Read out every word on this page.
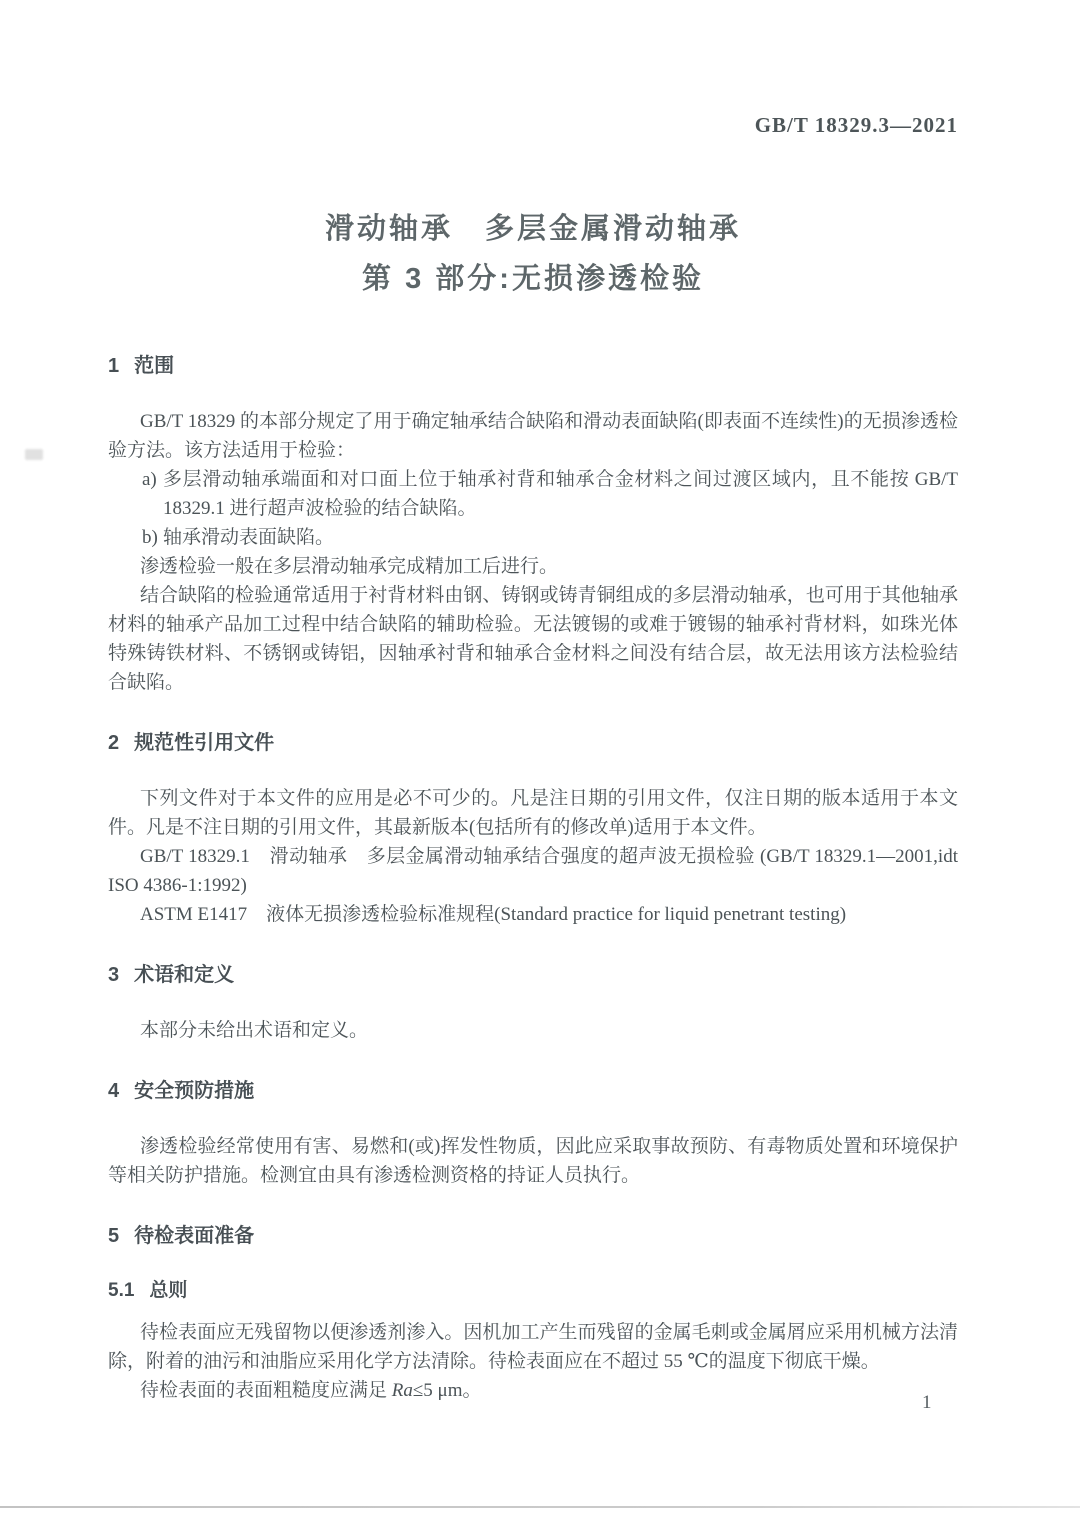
GB/T 18329.3—2021
滑动轴承　多层金属滑动轴承
第 3 部分:无损渗透检验
1 范围

GB/T 18329 的本部分规定了用于确定轴承结合缺陷和滑动表面缺陷(即表面不连续性)的无损渗透检验方法。该方法适用于检验：

a) 多层滑动轴承端面和对口面上位于轴承衬背和轴承合金材料之间过渡区域内，且不能按 GB/T 18329.1 进行超声波检验的结合缺陷。
b) 轴承滑动表面缺陷。

渗透检验一般在多层滑动轴承完成精加工后进行。

结合缺陷的检验通常适用于衬背材料由钢、铸钢或铸青铜组成的多层滑动轴承，也可用于其他轴承材料的轴承产品加工过程中结合缺陷的辅助检验。无法镀锡的或难于镀锡的轴承衬背材料，如珠光体特殊铸铁材料、不锈钢或铸铝，因轴承衬背和轴承合金材料之间没有结合层，故无法用该方法检验结合缺陷。

2 规范性引用文件

下列文件对于本文件的应用是必不可少的。凡是注日期的引用文件，仅注日期的版本适用于本文件。凡是不注日期的引用文件，其最新版本(包括所有的修改单)适用于本文件。

GB/T 18329.1　滑动轴承　多层金属滑动轴承结合强度的超声波无损检验 (GB/T 18329.1—2001,idt ISO 4386-1:1992)

ASTM E1417　液体无损渗透检验标准规程(Standard practice for liquid penetrant testing)

3 术语和定义

本部分未给出术语和定义。

4 安全预防措施

渗透检验经常使用有害、易燃和(或)挥发性物质，因此应采取事故预防、有毒物质处置和环境保护等相关防护措施。检测宜由具有渗透检测资格的持证人员执行。

5 待检表面准备
5.1 总则

待检表面应无残留物以便渗透剂渗入。因机加工产生而残留的金属毛刺或金属屑应采用机械方法清除，附着的油污和油脂应采用化学方法清除。待检表面应在不超过 55 ℃的温度下彻底干燥。

待检表面的表面粗糙度应满足 Ra≤5 μm。

1
